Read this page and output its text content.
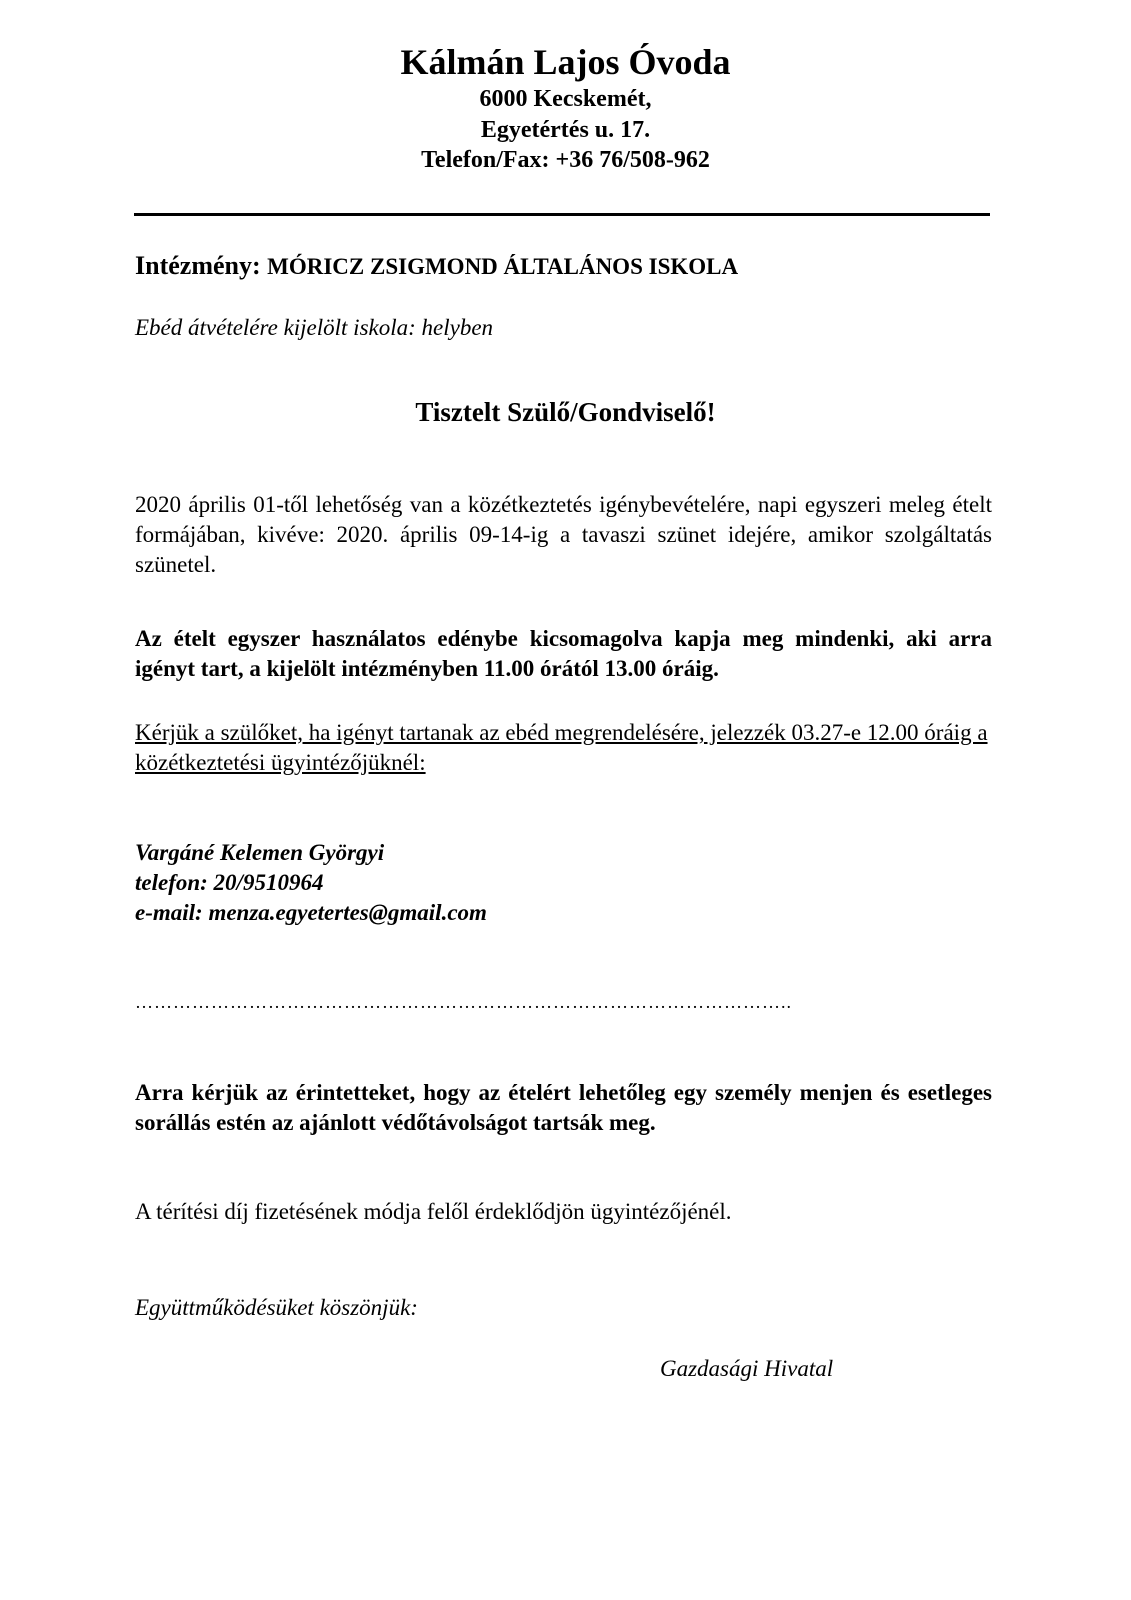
Kálmán Lajos Óvoda
6000 Kecskemét,
Egyetértés u. 17.
Telefon/Fax: +36 76/508-962
Intézmény: MÓRICZ ZSIGMOND ÁLTALÁNOS ISKOLA
Ebéd átvételére kijelölt iskola: helyben
Tisztelt Szülő/Gondviselő!

2020 április 01-től lehetőség van a közétkeztetés igénybevételére, napi egyszeri meleg ételt formájában, kivéve: 2020. április 09-14-ig a tavaszi szünet idejére, amikor szolgáltatás szünetel.

Az ételt egyszer használatos edénybe kicsomagolva kapja meg mindenki, aki arra igényt tart, a kijelölt intézményben 11.00 órától 13.00 óráig.

Kérjük a szülőket, ha igényt tartanak az ebéd megrendelésére, jelezzék 03.27-e 12.00 óráig a közétkeztetési ügyintézőjüknél:

Vargáné Kelemen Györgyi
telefon: 20/9510964
e-mail: menza.egyetertes@gmail.com
…………………………………………………………………………………………..

Arra kérjük az érintetteket, hogy az ételért lehetőleg egy személy menjen és esetleges sorállás estén az ajánlott védőtávolságot tartsák meg.

A térítési díj fizetésének módja felől érdeklődjön ügyintézőjénél.

Együttműködésüket köszönjük:
Gazdasági Hivatal
